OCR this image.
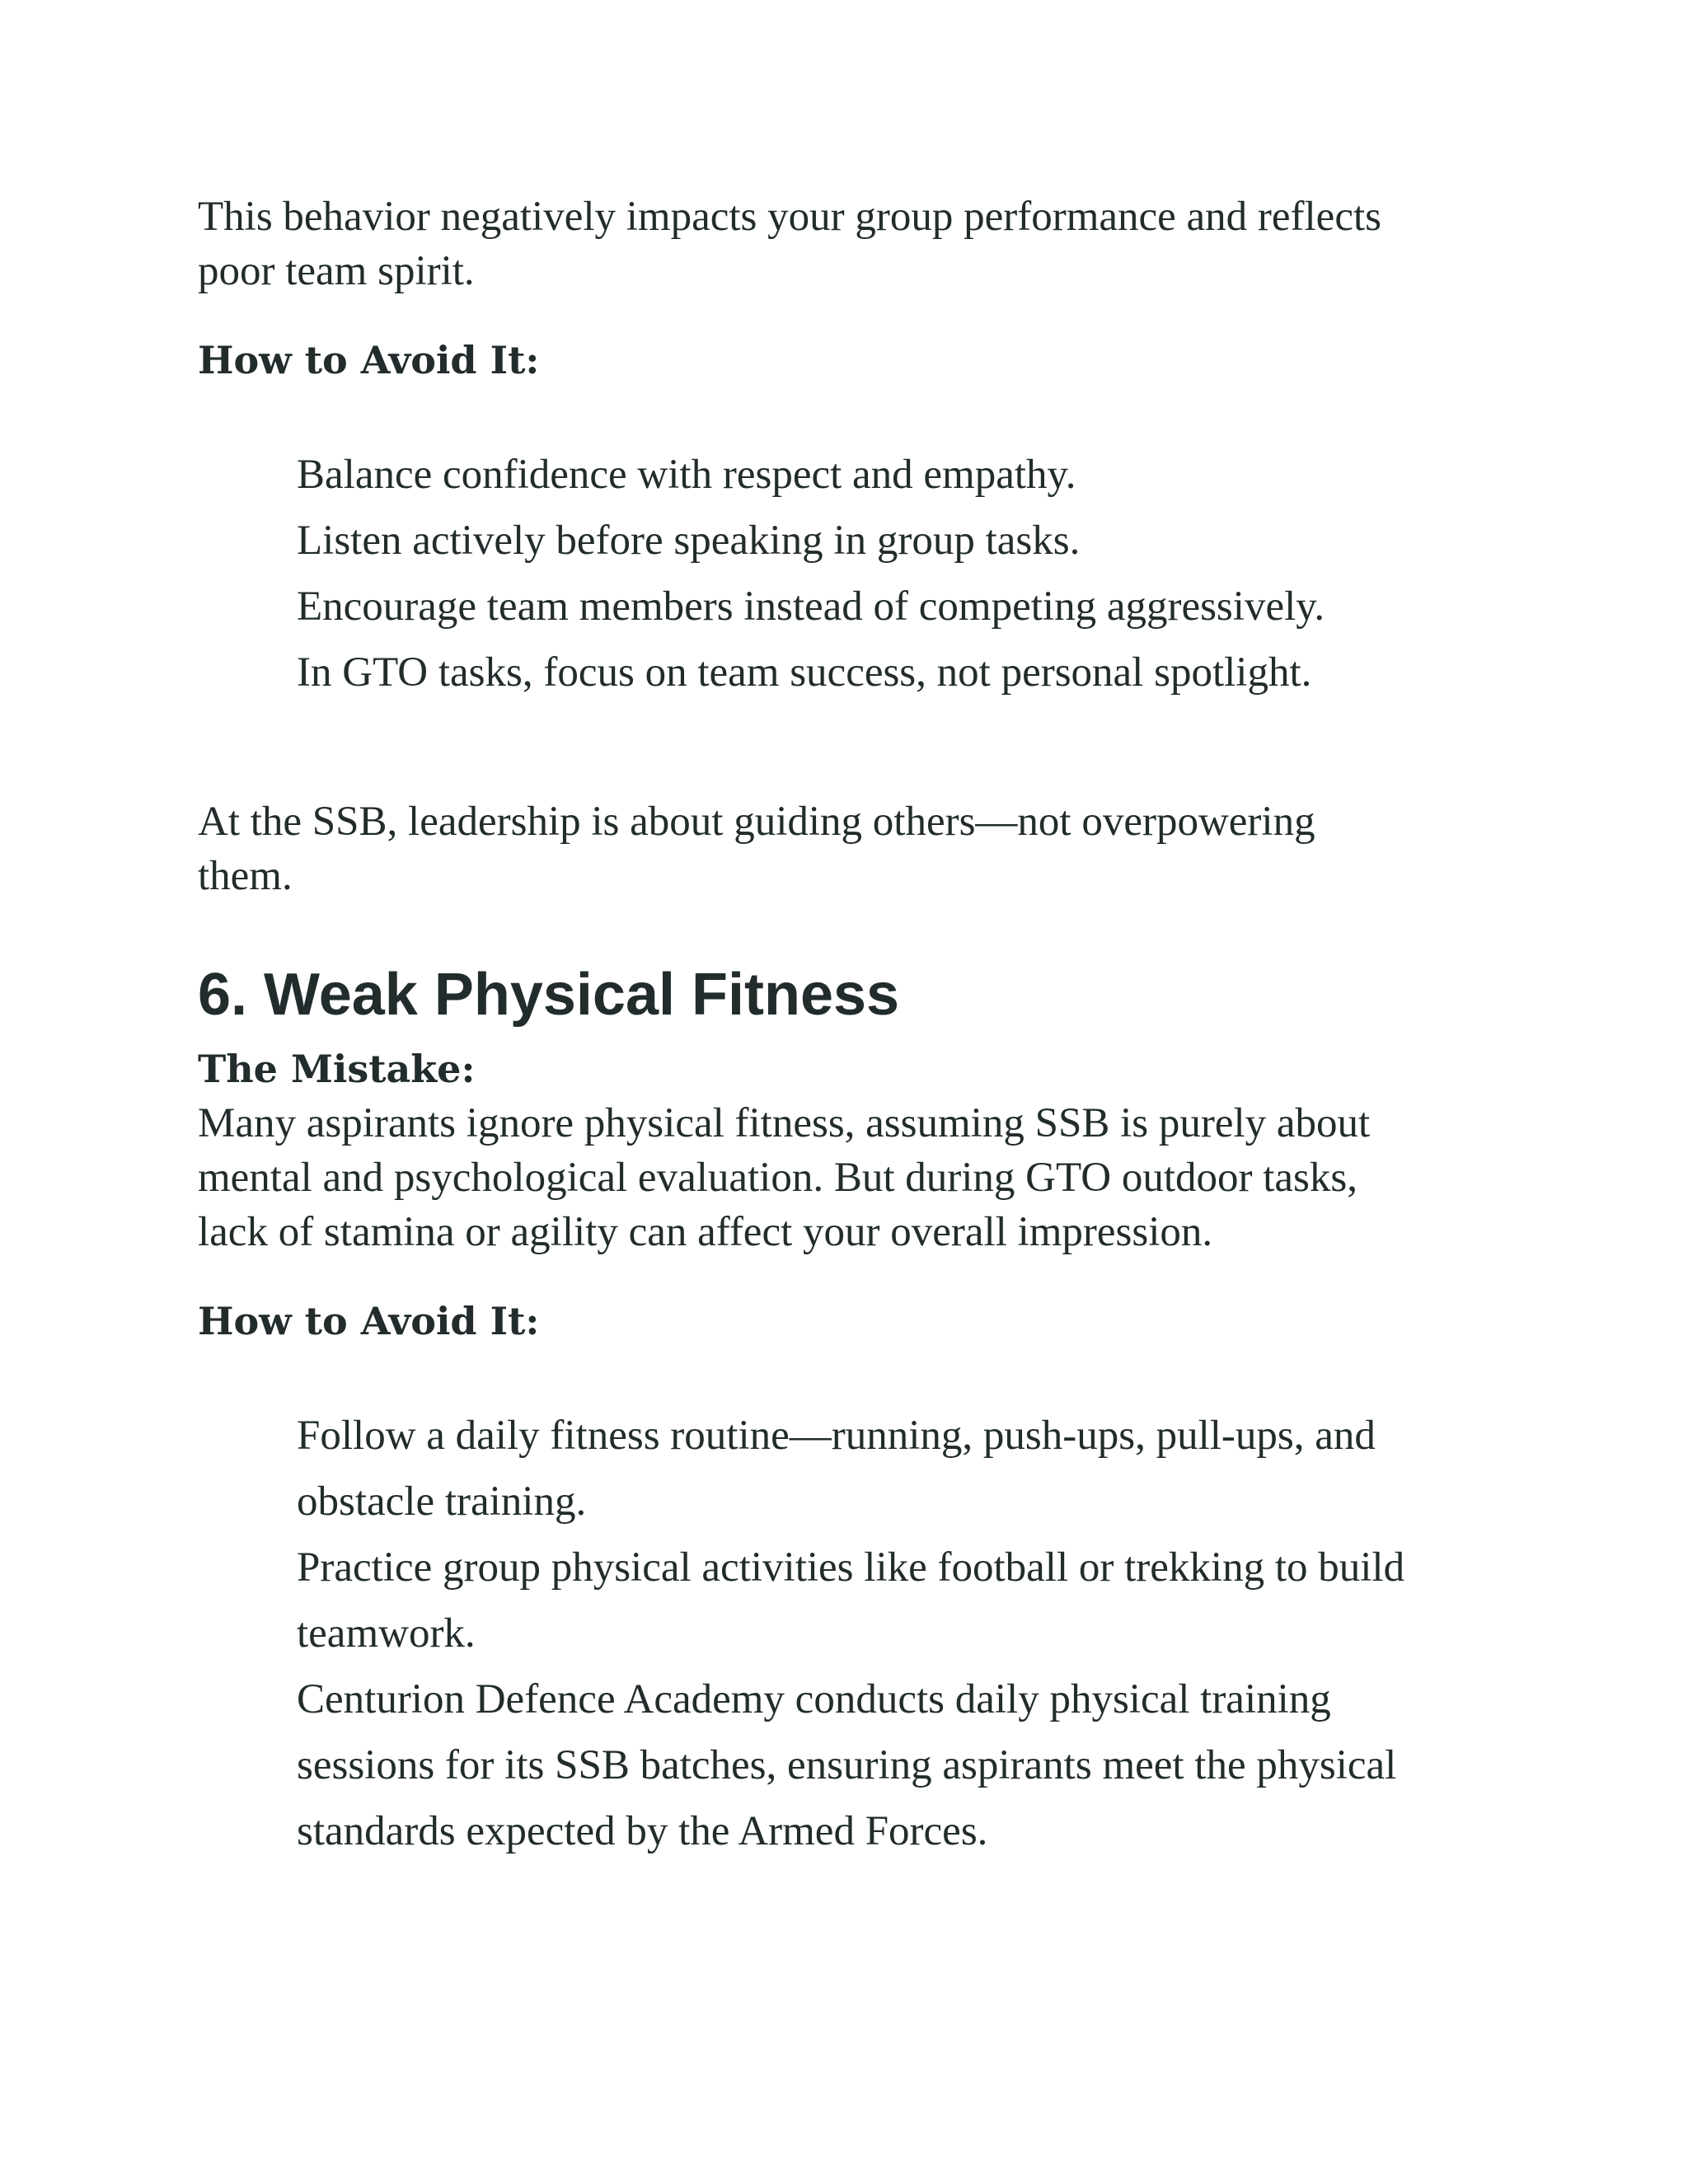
This behavior negatively impacts your group performance and reflects
poor team spirit.

How to Avoid It:

Balance confidence with respect and empathy.
Listen actively before speaking in group tasks.
Encourage team members instead of competing aggressively.
In GTO tasks, focus on team success, not personal spotlight.

At the SSB, leadership is about guiding others—not overpowering
them.

6. Weak Physical Fitness

The Mistake:

Many aspirants ignore physical fitness, assuming SSB is purely about
mental and psychological evaluation. But during GTO outdoor tasks,
lack of stamina or agility can affect your overall impression.

How to Avoid It:

Follow a daily fitness routine—running, push-ups, pull-ups, and
obstacle training.
Practice group physical activities like football or trekking to build
teamwork.
Centurion Defence Academy conducts daily physical training
sessions for its SSB batches, ensuring aspirants meet the physical
standards expected by the Armed Forces.
